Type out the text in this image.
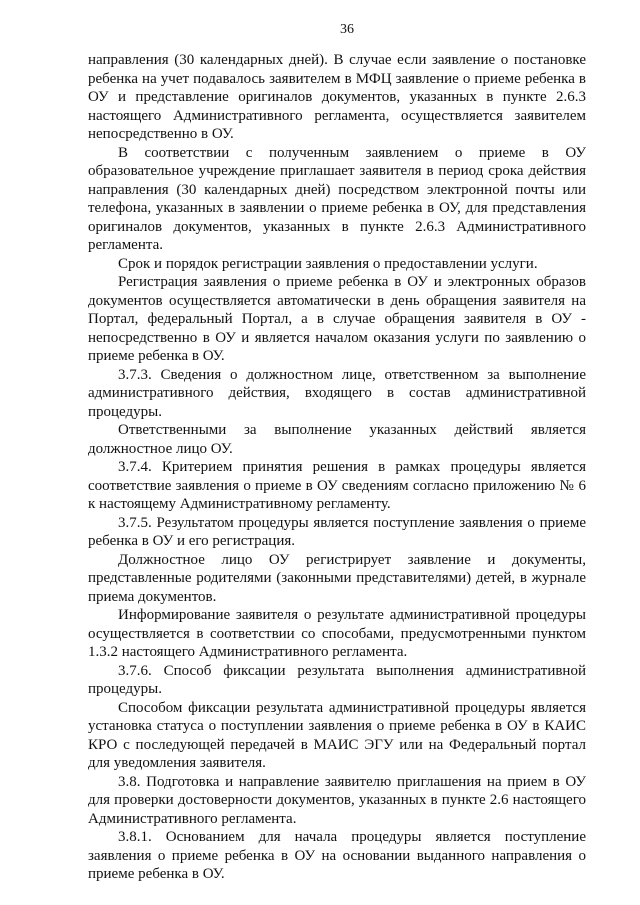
36

направления (30 календарных дней). В случае если заявление о постановке ребенка на учет подавалось заявителем в МФЦ заявление о приеме ребенка в ОУ и представление оригиналов документов, указанных в пункте 2.6.3 настоящего Административного регламента, осуществляется заявителем непосредственно в ОУ.

В соответствии с полученным заявлением о приеме в ОУ образовательное учреждение приглашает заявителя в период срока действия направления (30 календарных дней) посредством электронной почты или телефона, указанных в заявлении о приеме ребенка в ОУ, для представления оригиналов документов, указанных в пункте 2.6.3 Административного регламента.

Срок и порядок регистрации заявления о предоставлении услуги.

Регистрация заявления о приеме ребенка в ОУ и электронных образов документов осуществляется автоматически в день обращения заявителя на Портал, федеральный Портал, а в случае обращения заявителя в ОУ - непосредственно в ОУ и является началом оказания услуги по заявлению о приеме ребенка в ОУ.

3.7.3. Сведения о должностном лице, ответственном за выполнение административного действия, входящего в состав административной процедуры.

Ответственными за выполнение указанных действий является должностное лицо ОУ.

3.7.4. Критерием принятия решения в рамках процедуры является соответствие заявления о приеме в ОУ сведениям согласно приложению № 6 к настоящему Административному регламенту.

3.7.5. Результатом процедуры является поступление заявления о приеме ребенка в ОУ и его регистрация.

Должностное лицо ОУ регистрирует заявление и документы, представленные родителями (законными представителями) детей, в журнале приема документов.

Информирование заявителя о результате административной процедуры осуществляется в соответствии со способами, предусмотренными пунктом 1.3.2 настоящего Административного регламента.

3.7.6. Способ фиксации результата выполнения административной процедуры.

Способом фиксации результата административной процедуры является установка статуса о поступлении заявления о приеме ребенка в ОУ в КАИС КРО с последующей передачей в МАИС ЭГУ или на Федеральный портал для уведомления заявителя.

3.8. Подготовка и направление заявителю приглашения на прием в ОУ для проверки достоверности документов, указанных в пункте 2.6 настоящего Административного регламента.

3.8.1. Основанием для начала процедуры является поступление заявления о приеме ребенка в ОУ на основании выданного направления о приеме ребенка в ОУ.
